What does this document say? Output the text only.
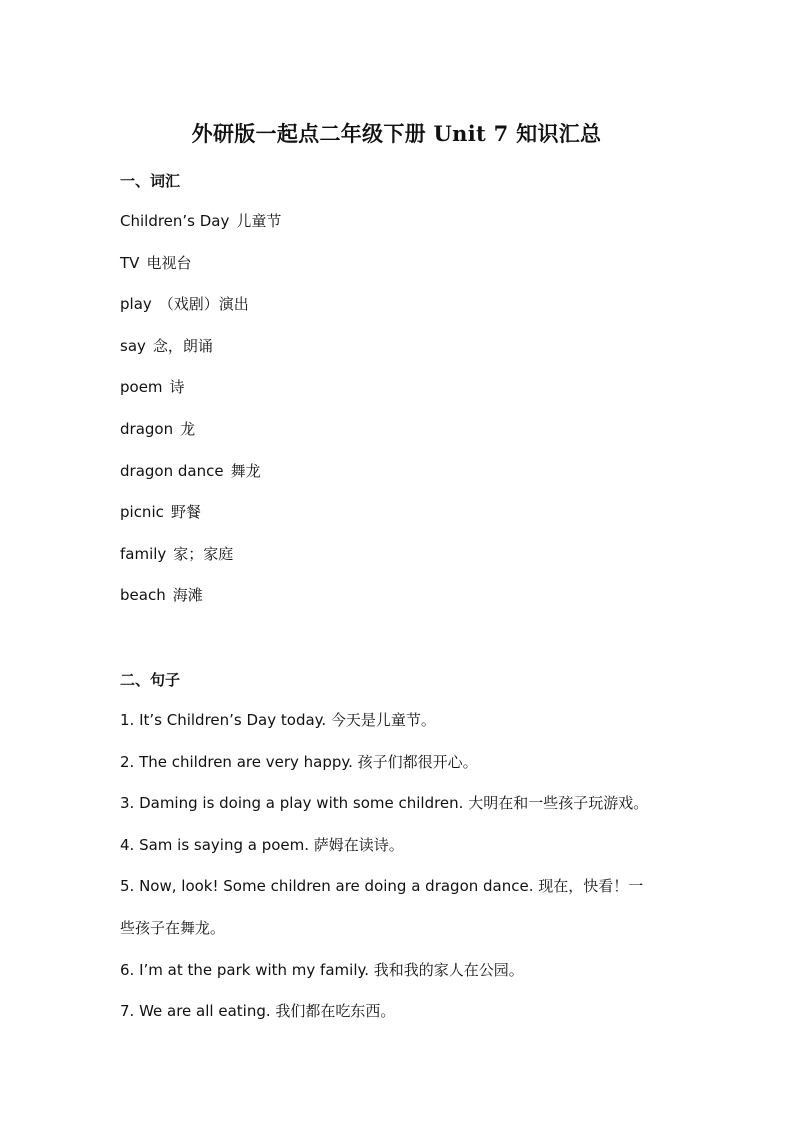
外研版一起点二年级下册 Unit 7 知识汇总
一、词汇
Children’s Day 儿童节
TV 电视台
play （戏剧）演出
say 念，朗诵
poem 诗
dragon 龙
dragon dance 舞龙
picnic 野餐
family 家；家庭
beach 海滩
二、句子
1. It’s Children’s Day today. 今天是儿童节。
2. The children are very happy. 孩子们都很开心。
3. Daming is doing a play with some children. 大明在和一些孩子玩游戏。
4. Sam is saying a poem. 萨姆在读诗。
5. Now, look! Some children are doing a dragon dance. 现在，快看！一
些孩子在舞龙。
6. I’m at the park with my family. 我和我的家人在公园。
7. We are all eating. 我们都在吃东西。
